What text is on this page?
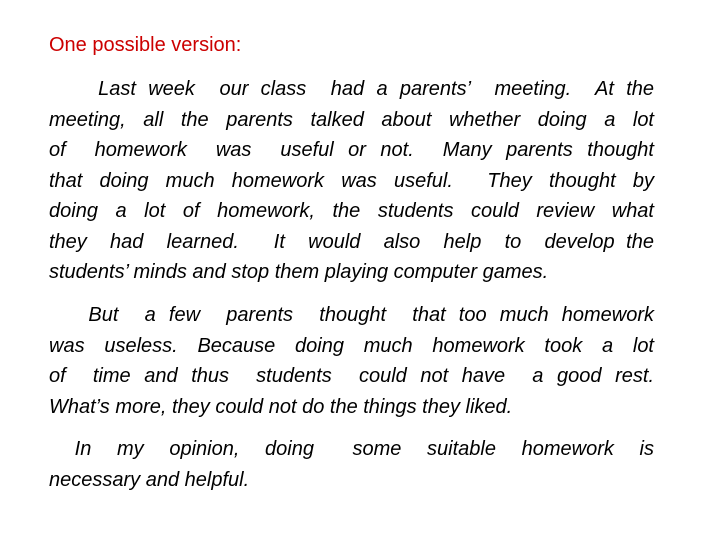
One possible version:
Last week  our class  had a parents’  meeting.  At the
meeting, all the parents talked about whether doing a lot
of  homework  was  useful or not.  Many parents thought
that doing much homework was useful.  They thought by
doing a lot of homework, the students could review what
they  had  learned.   It  would  also  help  to  develop the
students’ minds and stop them playing computer games.
But  a few  parents  thought  that too much homework
was useless. Because doing much homework took a lot
of  time and thus  students  could not have  a good rest.
What’s more, they could not do the things they liked.
In  my  opinion,  doing   some  suitable  homework  is
necessary and helpful.
